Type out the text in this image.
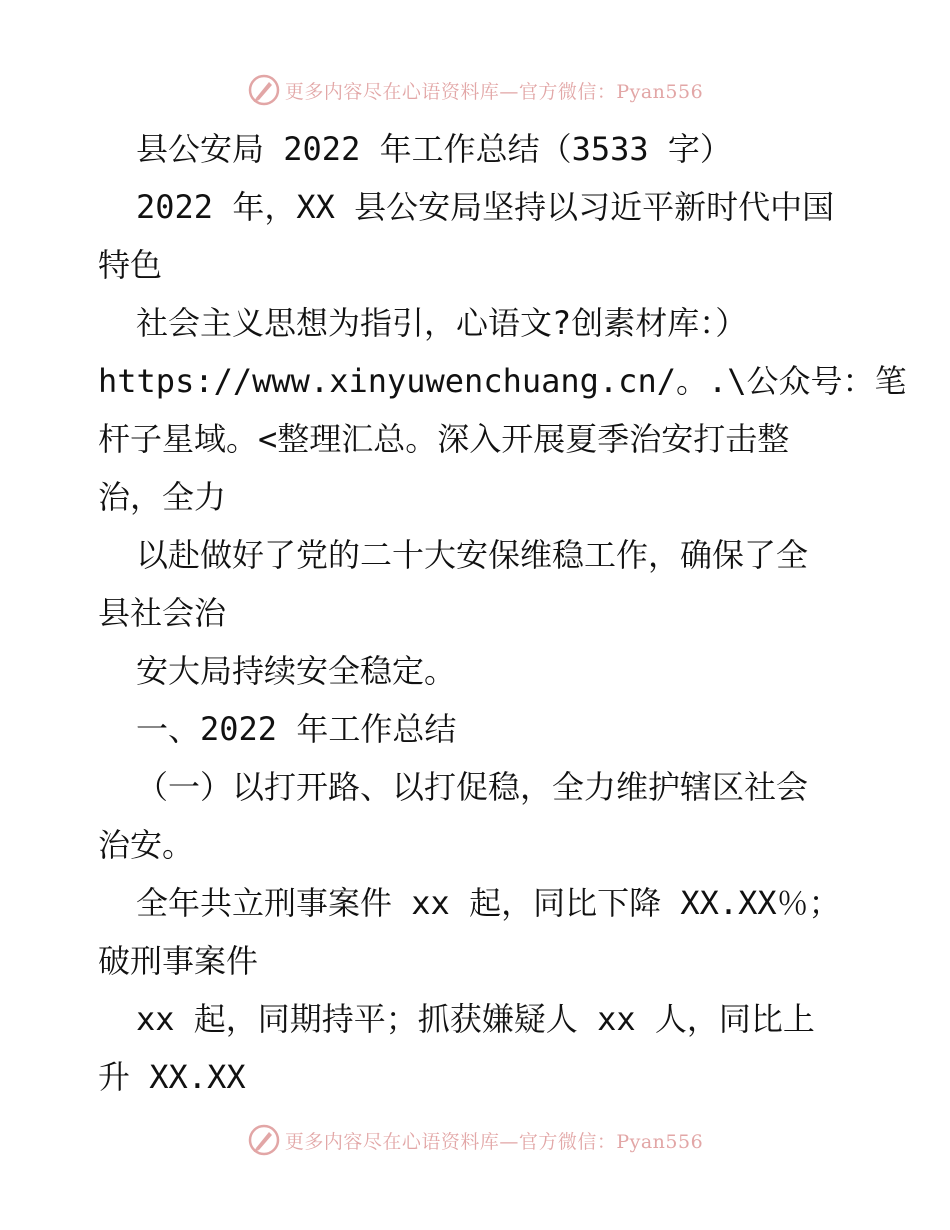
更多内容尽在心语资料库—官方微信：Pyan556
县公安局 2022 年工作总结（3533 字）
2022 年，XX 县公安局坚持以习近平新时代中国
特色
社会主义思想为指引，心语文?创素材库：）
https://www.xinyuwenchuang.cn/。.\公众号：笔
杆子星域。<整理汇总。深入开展夏季治安打击整
治，全力
以赴做好了党的二十大安保维稳工作，确保了全
县社会治
安大局持续安全稳定。
一、2022 年工作总结
（一）以打开路、以打促稳，全力维护辖区社会
治安。
全年共立刑事案件 xx 起，同比下降 XX.XX％；
破刑事案件
xx 起，同期持平；抓获嫌疑人 xx 人，同比上
升 XX.XX
更多内容尽在心语资料库—官方微信：Pyan556
